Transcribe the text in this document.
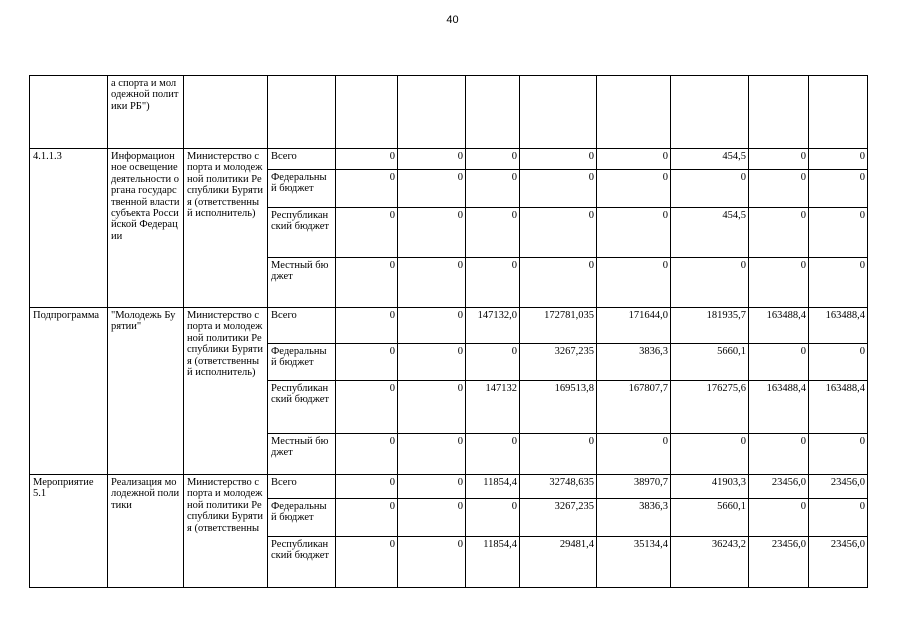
40
	а спорта и молодежной политики РБ")										
4.1.1.3	Информационное освещение деятельности органа государственной власти субъекта Российской Федерации	Министерство спорта и молодежной политики Республики Бурятия (ответственный исполнитель)	Всего	0	0	0	0	0	454,5	0	0
			Федеральный бюджет	0	0	0	0	0	0	0	0
			Республиканский бюджет	0	0	0	0	0	454,5	0	0
			Местный бюджет	0	0	0	0	0	0	0	0
Подпрограмма	"Молодежь Бурятии"	Министерство спорта и молодежной политики Республики Бурятия (ответственный исполнитель)	Всего	0	0	147132,0	172781,035	171644,0	181935,7	163488,4	163488,4
			Федеральный бюджет	0	0	0	3267,235	3836,3	5660,1	0	0
			Республиканский бюджет	0	0	147132	169513,8	167807,7	176275,6	163488,4	163488,4
			Местный бюджет	0	0	0	0	0	0	0	0
Мероприятие 5.1	Реализация молодежной политики	Министерство спорта и молодежной политики Республики Бурятия (ответственны	Всего	0	0	11854,4	32748,635	38970,7	41903,3	23456,0	23456,0
			Федеральный бюджет	0	0	0	3267,235	3836,3	5660,1	0	0
			Республиканский бюджет	0	0	11854,4	29481,4	35134,4	36243,2	23456,0	23456,0
